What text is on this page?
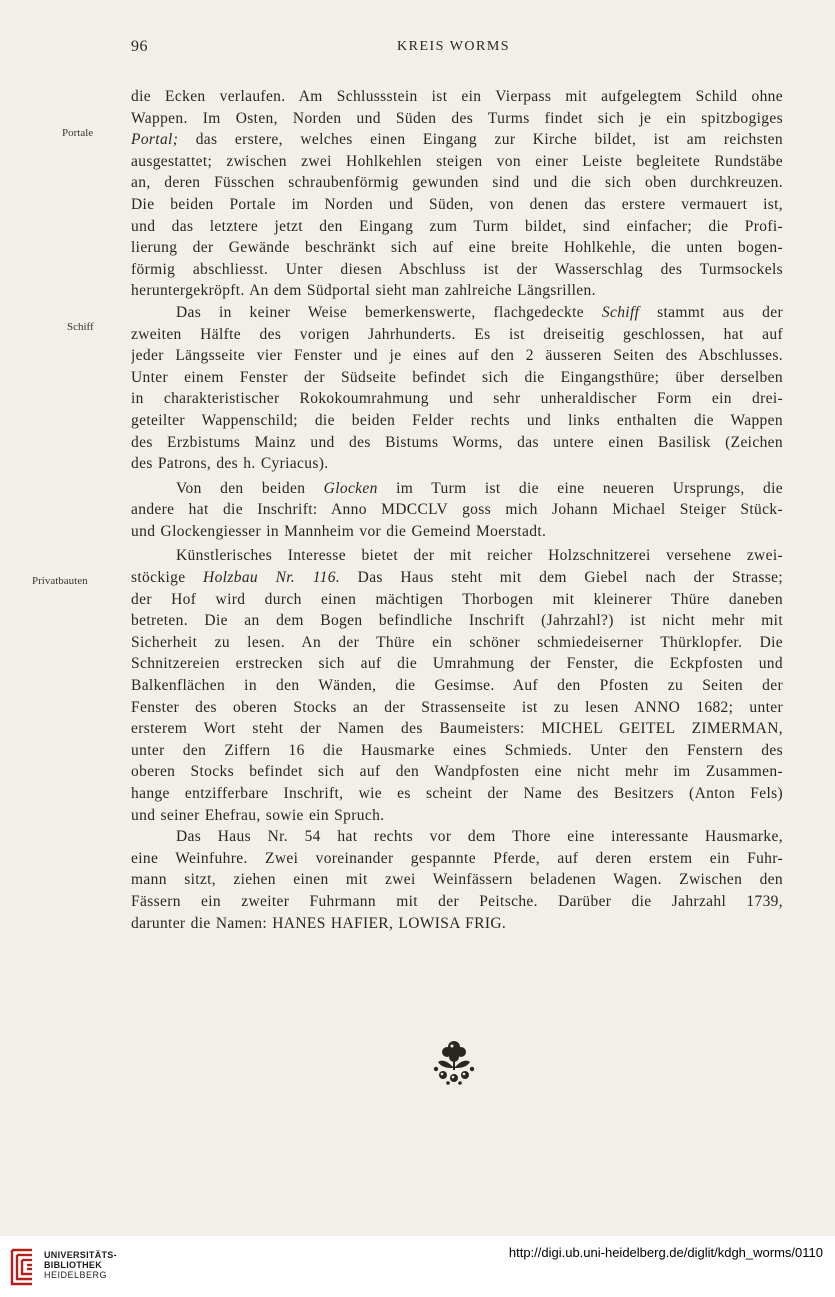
96	KREIS WORMS
Portale
Schiff
Privatbauten
die Ecken verlaufen. Am Schlussstein ist ein Vierpass mit aufgelegtem Schild ohne
Wappen. Im Osten, Norden und Süden des Turms findet sich je ein spitzbogiges
Portal; das erstere, welches einen Eingang zur Kirche bildet, ist am reichsten
ausgestattet; zwischen zwei Hohlkehlen steigen von einer Leiste begleitete Rundstäbe
an, deren Füsschen schraubenförmig gewunden sind und die sich oben durchkreuzen.
Die beiden Portale im Norden und Süden, von denen das erstere vermauert ist,
und das letztere jetzt den Eingang zum Turm bildet, sind einfacher; die Profi-
lierung der Gewände beschränkt sich auf eine breite Hohlkehle, die unten bogen-
förmig abschliesst. Unter diesen Abschluss ist der Wasserschlag des Turmsockels
heruntergekröpft. An dem Südportal sieht man zahlreiche Längsrillen.
Das in keiner Weise bemerkenswerte, flachgedeckte Schiff stammt aus der
zweiten Hälfte des vorigen Jahrhunderts. Es ist dreiseitig geschlossen, hat auf
jeder Längsseite vier Fenster und je eines auf den 2 äusseren Seiten des Abschlusses.
Unter einem Fenster der Südseite befindet sich die Eingangsthüre; über derselben
in charakteristischer Rokokoumrahmung und sehr unheraldischer Form ein drei-
geteilter Wappenschild; die beiden Felder rechts und links enthalten die Wappen
des Erzbistums Mainz und des Bistums Worms, das untere einen Basilisk (Zeichen
des Patrons, des h. Cyriacus).
Von den beiden Glocken im Turm ist die eine neueren Ursprungs, die
andere hat die Inschrift: Anno MDCCLV goss mich Johann Michael Steiger Stück-
und Glockengiesser in Mannheim vor die Gemeind Moerstadt.
Künstlerisches Interesse bietet der mit reicher Holzschnitzerei versehene zwei-
stöckige Holzbau Nr. 116. Das Haus steht mit dem Giebel nach der Strasse;
der Hof wird durch einen mächtigen Thorbogen mit kleinerer Thüre daneben
betreten. Die an dem Bogen befindliche Inschrift (Jahrzahl?) ist nicht mehr mit
Sicherheit zu lesen. An der Thüre ein schöner schmiedeiserner Thürklopfer. Die
Schnitzereien erstrecken sich auf die Umrahmung der Fenster, die Eckpfosten und
Balkenflächen in den Wänden, die Gesimse. Auf den Pfosten zu Seiten der
Fenster des oberen Stocks an der Strassenseite ist zu lesen ANNO 1682; unter
ersterem Wort steht der Namen des Baumeisters: MICHEL GEITEL ZIMERMAN,
unter den Ziffern 16 die Hausmarke eines Schmieds. Unter den Fenstern des
oberen Stocks befindet sich auf den Wandpfosten eine nicht mehr im Zusammen-
hange entzifferbare Inschrift, wie es scheint der Name des Besitzers (Anton Fels)
und seiner Ehefrau, sowie ein Spruch.
Das Haus Nr. 54 hat rechts vor dem Thore eine interessante Hausmarke,
eine Weinfuhre. Zwei voreinander gespannte Pferde, auf deren erstem ein Fuhr-
mann sitzt, ziehen einen mit zwei Weinfässern beladenen Wagen. Zwischen den
Fässern ein zweiter Fuhrmann mit der Peitsche. Darüber die Jahrzahl 1739,
darunter die Namen: HANES HAFIER, LOWISA FRIG.
UNIVERSITÄTS-
BIBLIOTHEK
HEIDELBERG
http://digi.ub.uni-heidelberg.de/diglit/kdgh_worms/0110
